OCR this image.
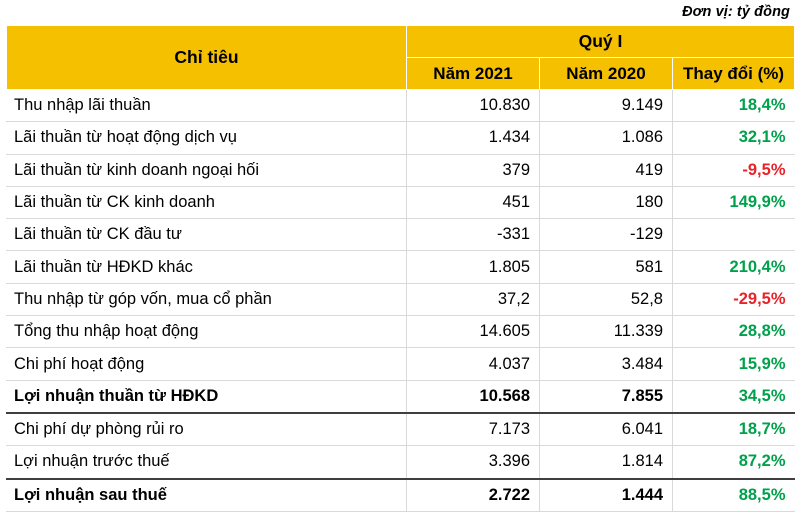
Đơn vị: tỷ đồng
Chỉ tiêu	Quý I		
	Năm 2021	Năm 2020	Thay đổi (%)
Thu nhập lãi thuần	10.830	9.149	18,4%
Lãi thuần từ hoạt động dịch vụ	1.434	1.086	32,1%
Lãi thuần từ kinh doanh ngoại hối	379	419	-9,5%
Lãi thuần từ CK kinh doanh	451	180	149,9%
Lãi thuần từ CK đầu tư	-331	-129	
Lãi thuần từ HĐKD khác	1.805	581	210,4%
Thu nhập từ góp vốn, mua cổ phần	37,2	52,8	-29,5%
Tổng thu nhập hoạt động	14.605	11.339	28,8%
Chi phí hoạt động	4.037	3.484	15,9%
Lợi nhuận thuần từ HĐKD	10.568	7.855	34,5%
Chi phí dự phòng rủi ro	7.173	6.041	18,7%
Lợi nhuận trước thuế	3.396	1.814	87,2%
Lợi nhuận sau thuế	2.722	1.444	88,5%
